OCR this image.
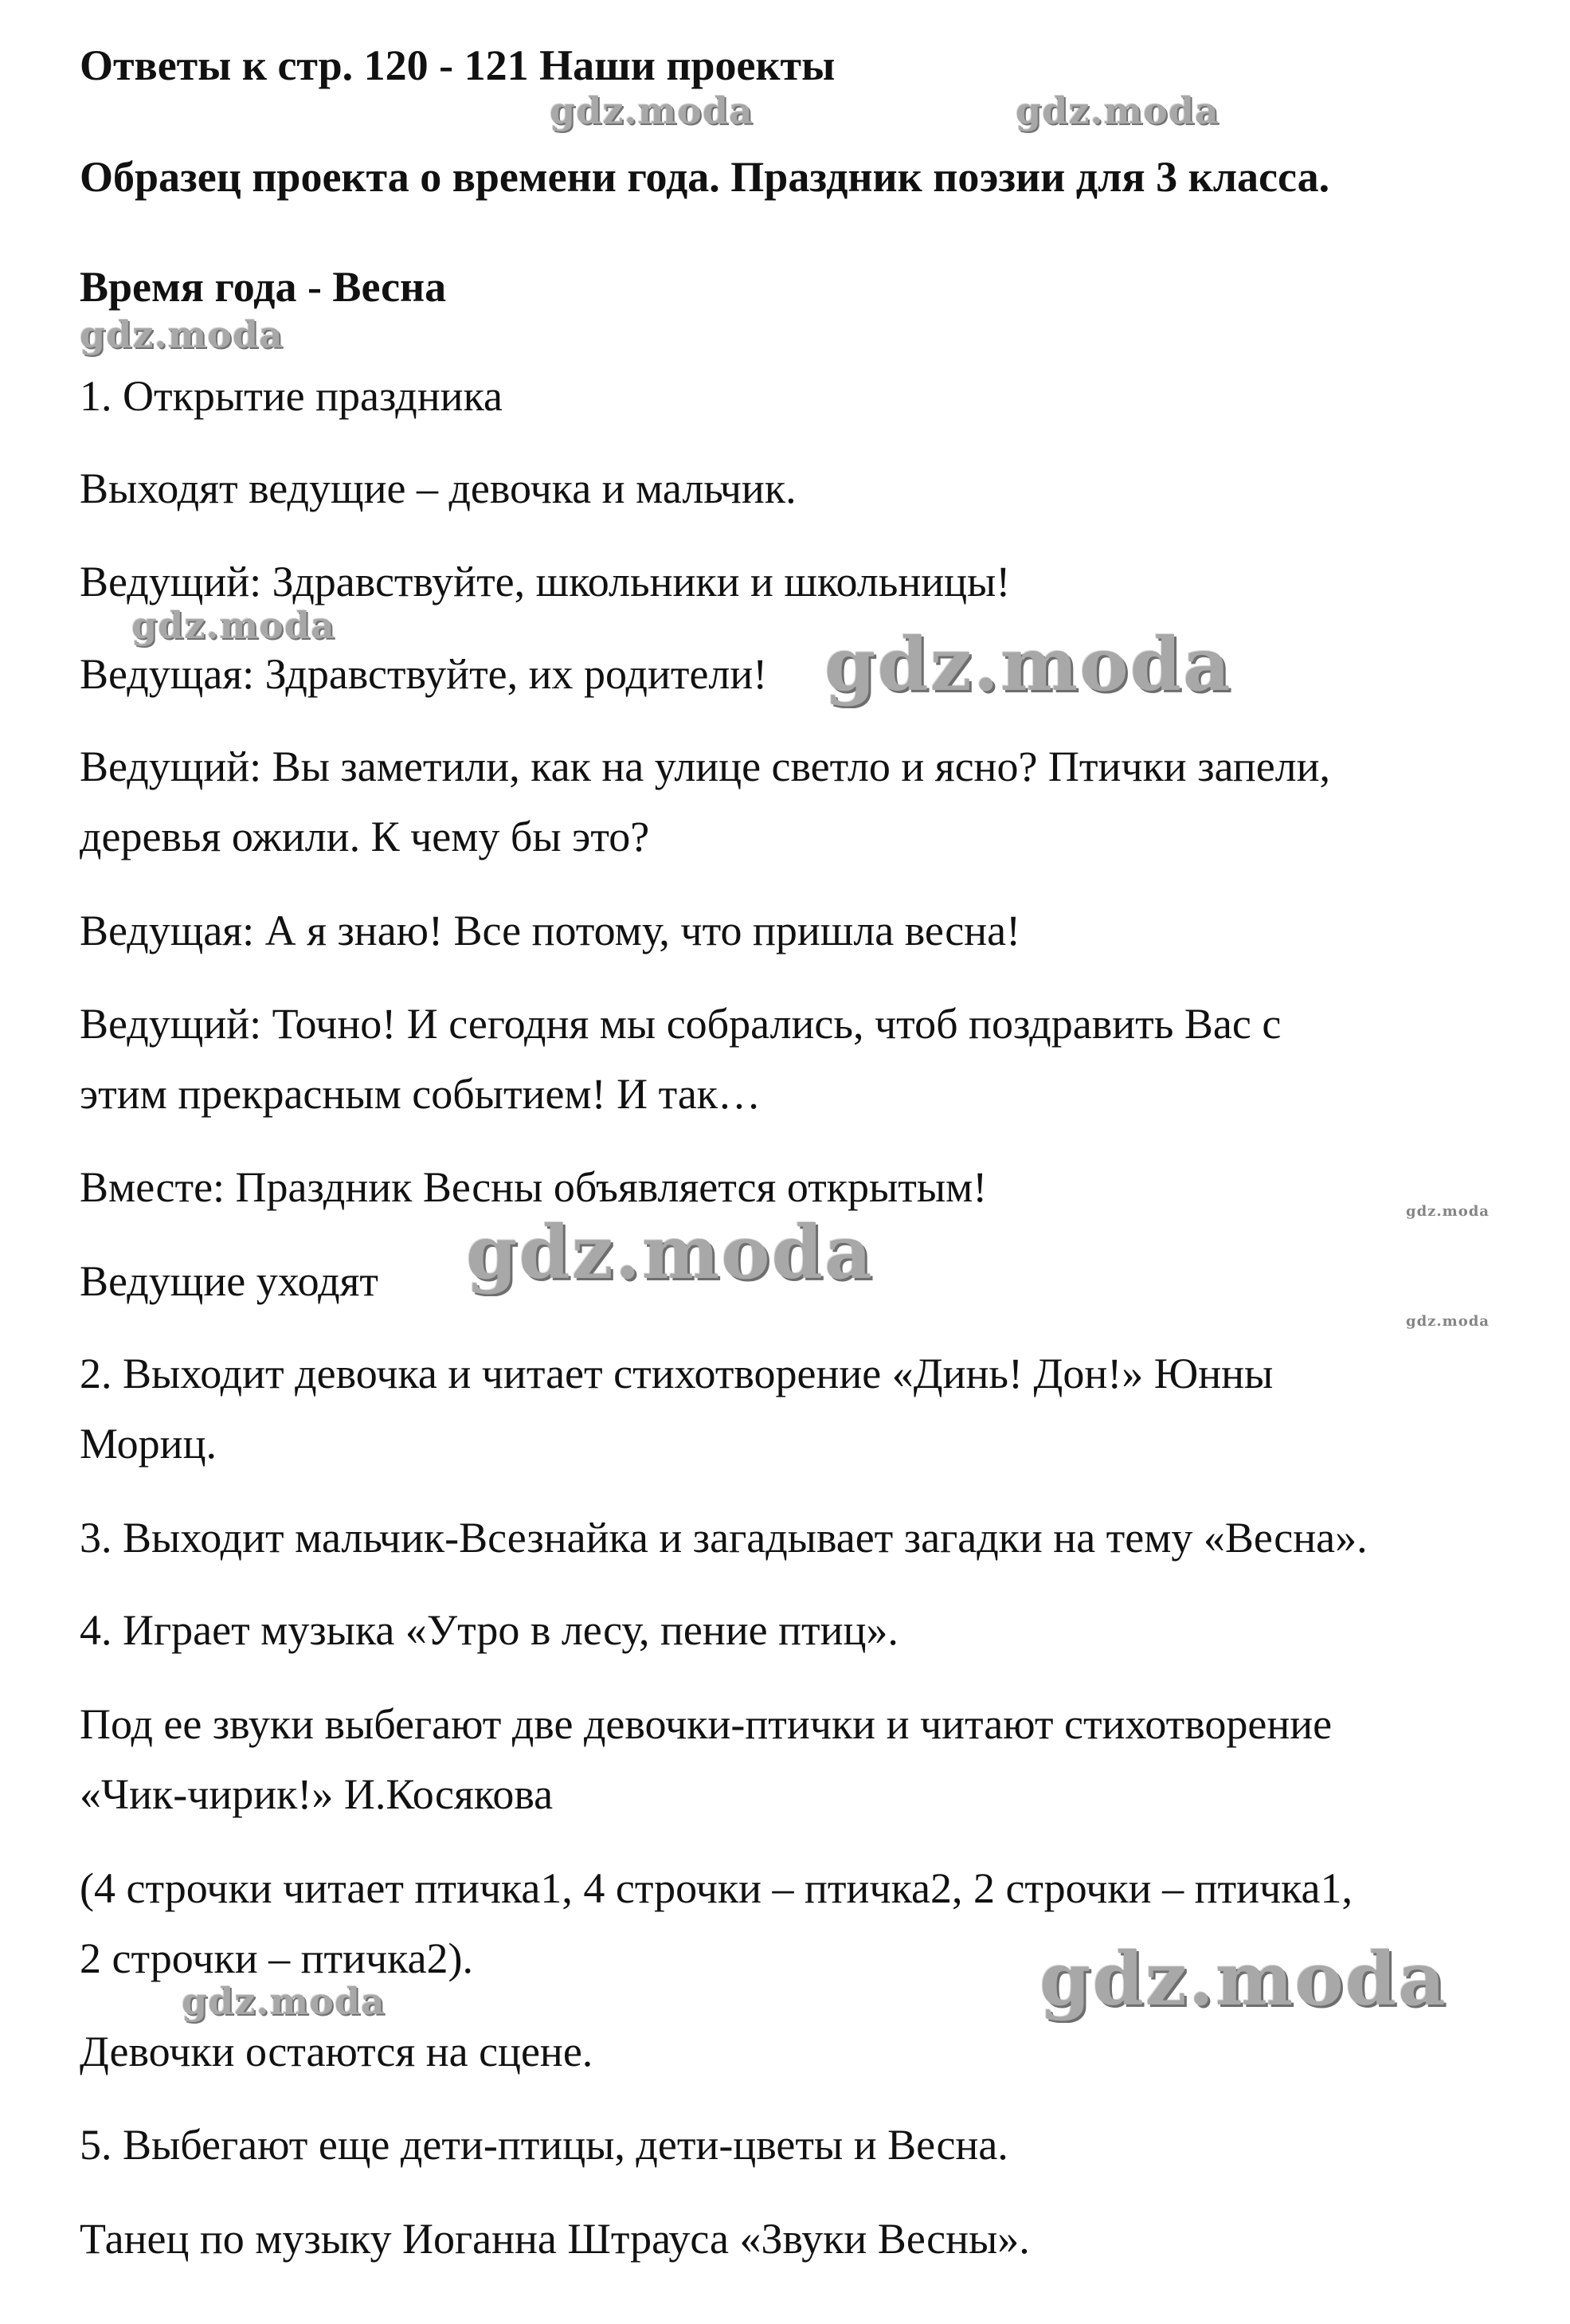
Ответы к стр. 120 - 121 Наши проекты

Образец проекта о времени года. Праздник поэзии для 3 класса.

Время года - Весна

1. Открытие праздника

Выходят ведущие – девочка и мальчик.

Ведущий: Здравствуйте, школьники и школьницы!

Ведущая: Здравствуйте, их родители!

Ведущий: Вы заметили, как на улице светло и ясно? Птички запели,

деревья ожили. К чему бы это?

Ведущая: А я знаю! Все потому, что пришла весна!

Ведущий: Точно! И сегодня мы собрались, чтоб поздравить Вас с

этим прекрасным событием! И так…

Вместе: Праздник Весны объявляется открытым!

Ведущие уходят

2. Выходит девочка и читает стихотворение «Динь! Дон!» Юнны

Мориц.

3. Выходит мальчик-Всезнайка и загадывает загадки на тему «Весна».

4. Играет музыка «Утро в лесу, пение птиц».

Под ее звуки выбегают две девочки-птички и читают стихотворение

«Чик-чирик!» И.Косякова

(4 строчки читает птичка1, 4 строчки – птичка2, 2 строчки – птичка1,

2 строчки – птичка2).

Девочки остаются на сцене.

5. Выбегают еще дети-птицы, дети-цветы и Весна.

Танец по музыку Иоганна Штрауса «Звуки Весны».

gdz.moda	gdz.moda
gdz.moda
gdz.moda	gdz.moda
gdz.moda
gdz.moda
gdz.moda
gdz.moda
gdz.moda
